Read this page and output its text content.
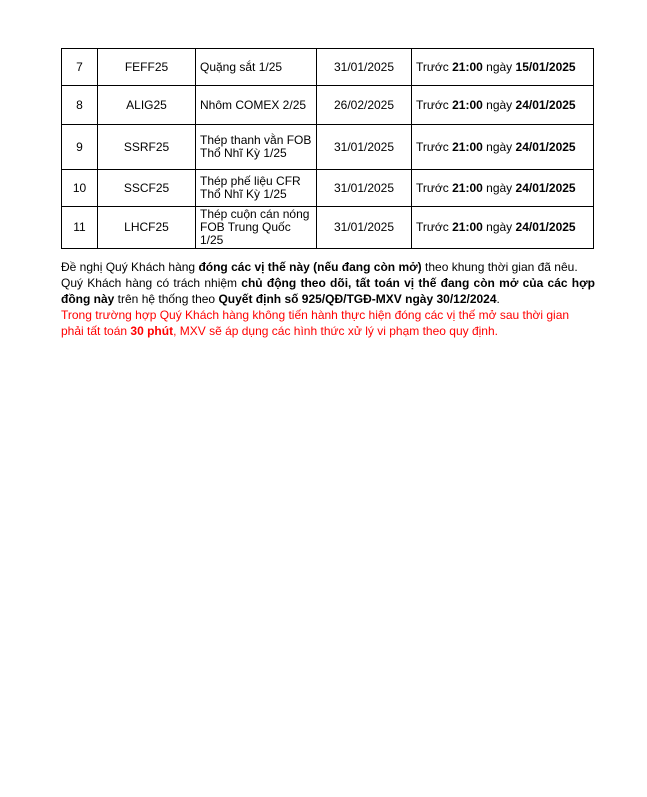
7	FEFF25	Quặng sắt 1/25	31/01/2025	Trước 21:00 ngày 15/01/2025
8	ALIG25	Nhôm COMEX 2/25	26/02/2025	Trước 21:00 ngày 24/01/2025
9	SSRF25	Thép thanh vằn FOB Thổ Nhĩ Kỳ 1/25	31/01/2025	Trước 21:00 ngày 24/01/2025
10	SSCF25	Thép phế liệu CFR Thổ Nhĩ Kỳ 1/25	31/01/2025	Trước 21:00 ngày 24/01/2025
11	LHCF25	Thép cuộn cán nóng FOB Trung Quốc 1/25	31/01/2025	Trước 21:00 ngày 24/01/2025

Đề nghị Quý Khách hàng đóng các vị thế này (nếu đang còn mở) theo khung thời gian đã nêu.

Quý Khách hàng có trách nhiệm chủ động theo dõi, tất toán vị thế đang còn mở của các hợp đồng này trên hệ thống theo Quyết định số 925/QĐ/TGĐ-MXV ngày 30/12/2024.

Trong trường hợp Quý Khách hàng không tiến hành thực hiện đóng các vị thế mở sau thời gian phải tất toán 30 phút, MXV sẽ áp dụng các hình thức xử lý vi phạm theo quy định.
